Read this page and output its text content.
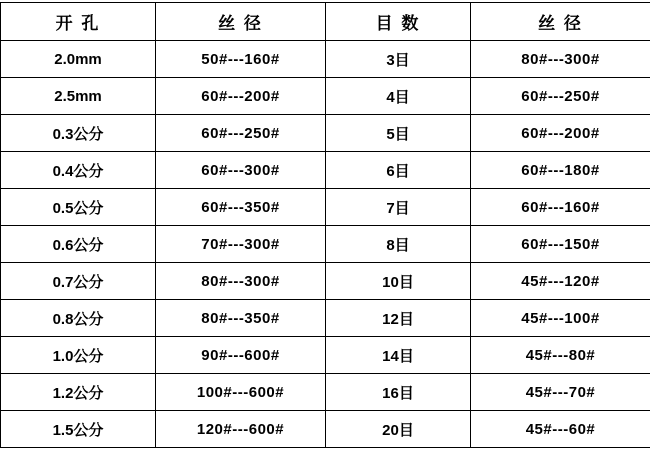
开 孔	丝 径	目 数	丝 径
2.0mm	50#---160#	3目	80#---300#
2.5mm	60#---200#	4目	60#---250#
0.3公分	60#---250#	5目	60#---200#
0.4公分	60#---300#	6目	60#---180#
0.5公分	60#---350#	7目	60#---160#
0.6公分	70#---300#	8目	60#---150#
0.7公分	80#---300#	10目	45#---120#
0.8公分	80#---350#	12目	45#---100#
1.0公分	90#---600#	14目	45#---80#
1.2公分	100#---600#	16目	45#---70#
1.5公分	120#---600#	20目	45#---60#
